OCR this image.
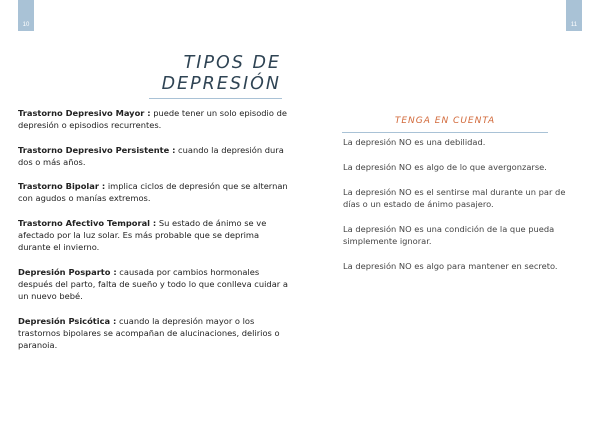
10	11
TIPOS DE
DEPRESIÓN

Trastorno Depresivo Mayor : puede tener un solo episodio de depresión o episodios recurrentes.

Trastorno Depresivo Persistente : cuando la depresión dura dos o más años.

Trastorno Bipolar : implica ciclos de depresión que se alternan con agudos o manías extremos.

Trastorno Afectivo Temporal : Su estado de ánimo se ve afectado por la luz solar. Es más probable que se deprima durante el invierno.

Depresión Posparto : causada por cambios hormonales después del parto, falta de sueño y todo lo que conlleva cuidar a un nuevo bebé.

Depresión Psicótica : cuando la depresión mayor o los trastornos bipolares se acompañan de alucinaciones, delirios o paranoia.

TENGA EN CUENTA

La depresión NO es una debilidad.

La depresión NO es algo de lo que avergonzarse.

La depresión NO es el sentirse mal durante un par de días o un estado de ánimo pasajero.

La depresión NO es una condición de la que pueda simplemente ignorar.

La depresión NO es algo para mantener en secreto.
